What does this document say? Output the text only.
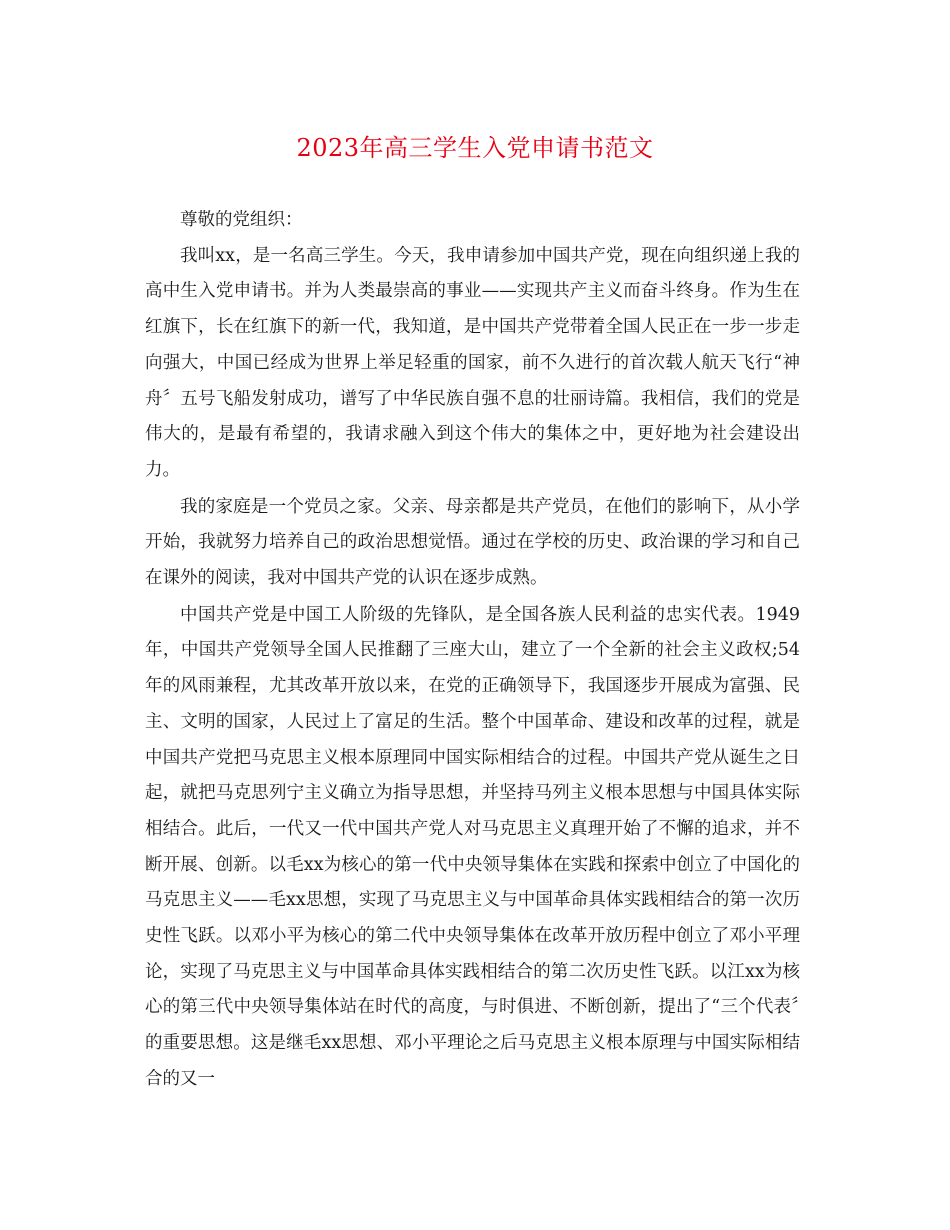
2023年高三学生入党申请书范文

尊敬的党组织：

我叫xx，是一名高三学生。今天，我申请参加中国共产党，现在向组织递上我的高中生入党申请书。并为人类最崇高的事业——实现共产主义而奋斗终身。作为生在红旗下，长在红旗下的新一代，我知道，是中国共产党带着全国人民正在一步一步走向强大，中国已经成为世界上举足轻重的国家，前不久进行的首次载人航天飞行“神舟〞五号飞船发射成功，谱写了中华民族自强不息的壮丽诗篇。我相信，我们的党是伟大的，是最有希望的，我请求融入到这个伟大的集体之中，更好地为社会建设出力。

我的家庭是一个党员之家。父亲、母亲都是共产党员，在他们的影响下，从小学开始，我就努力培养自己的政治思想觉悟。通过在学校的历史、政治课的学习和自己在课外的阅读，我对中国共产党的认识在逐步成熟。

中国共产党是中国工人阶级的先锋队，是全国各族人民利益的忠实代表。1949年，中国共产党领导全国人民推翻了三座大山，建立了一个全新的社会主义政权;54年的风雨兼程，尤其改革开放以来，在党的正确领导下，我国逐步开展成为富强、民主、文明的国家，人民过上了富足的生活。整个中国革命、建设和改革的过程，就是中国共产党把马克思主义根本原理同中国实际相结合的过程。中国共产党从诞生之日起，就把马克思列宁主义确立为指导思想，并坚持马列主义根本思想与中国具体实际相结合。此后，一代又一代中国共产党人对马克思主义真理开始了不懈的追求，并不断开展、创新。以毛xx为核心的第一代中央领导集体在实践和探索中创立了中国化的马克思主义——毛xx思想，实现了马克思主义与中国革命具体实践相结合的第一次历史性飞跃。以邓小平为核心的第二代中央领导集体在改革开放历程中创立了邓小平理论，实现了马克思主义与中国革命具体实践相结合的第二次历史性飞跃。以江xx为核心的第三代中央领导集体站在时代的高度，与时俱进、不断创新，提出了“三个代表〞的重要思想。这是继毛xx思想、邓小平理论之后马克思主义根本原理与中国实际相结合的又一
